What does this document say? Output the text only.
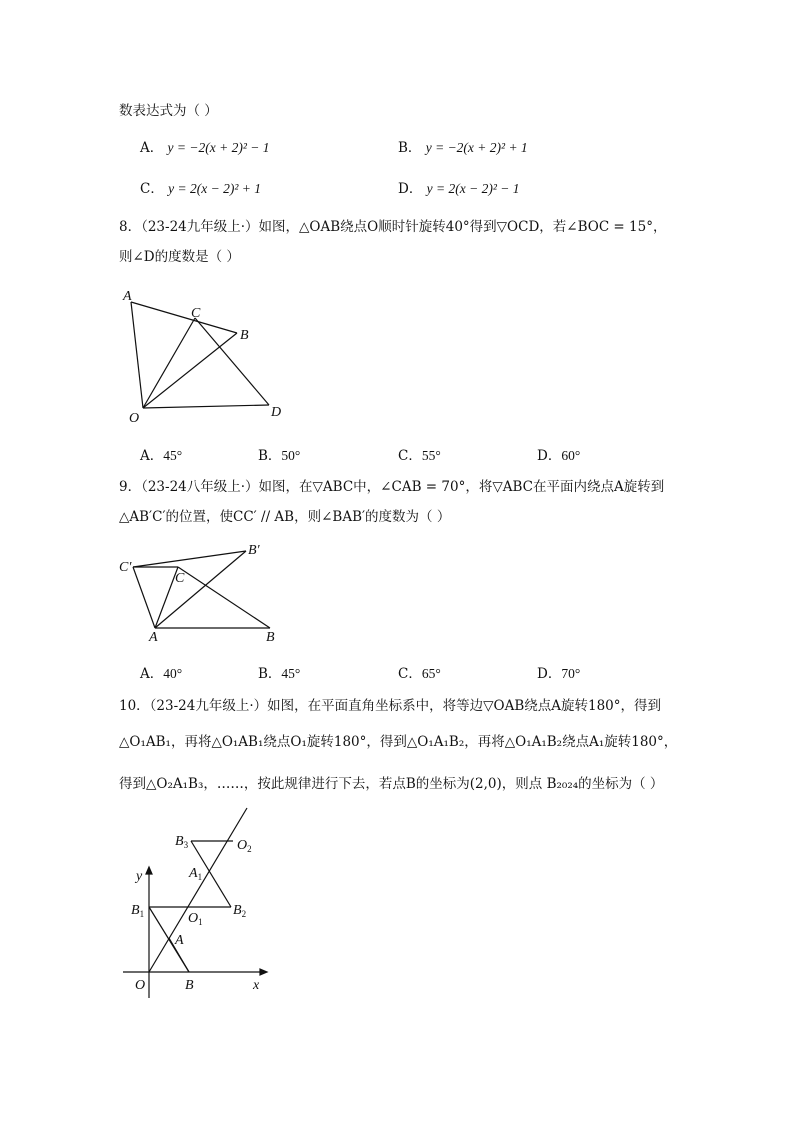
数表达式为（ ）
A． y = −2(x + 2)² − 1	B． y = −2(x + 2)² + 1
C． y = 2(x − 2)² + 1	D． y = 2(x − 2)² − 1
8．（23-24九年级上·）如图，△OAB绕点O顺时针旋转40°得到▽OCD，若∠BOC = 15°，
则∠D的度数是（ ）
A
C
B
O	D
A．45°	B．50°	C．55°	D．60°
9．（23-24八年级上·）如图，在▽ABC中，∠CAB = 70°，将▽ABC在平面内绕点A旋转到
△AB′C′的位置，使CC′ // AB，则∠BAB′的度数为（ ）
C′
C
B′
A	B
A．40°	B．45°	C．65°	D．70°
10．（23-24九年级上·）如图，在平面直角坐标系中，将等边▽OAB绕点A旋转180°，得到
△O₁AB₁，再将△O₁AB₁绕点O₁旋转180°，得到△O₁A₁B₂，再将△O₁A₁B₂绕点A₁旋转180°，
得到△O₂A₁B₃，……，按此规律进行下去，若点B的坐标为(2,0)，则点 B₂₀₂₄的坐标为（ ）
$B_3$	$O_2$
y	$A_1$
$B_1$	$O_1$
$B_2$
A
O	B	x
